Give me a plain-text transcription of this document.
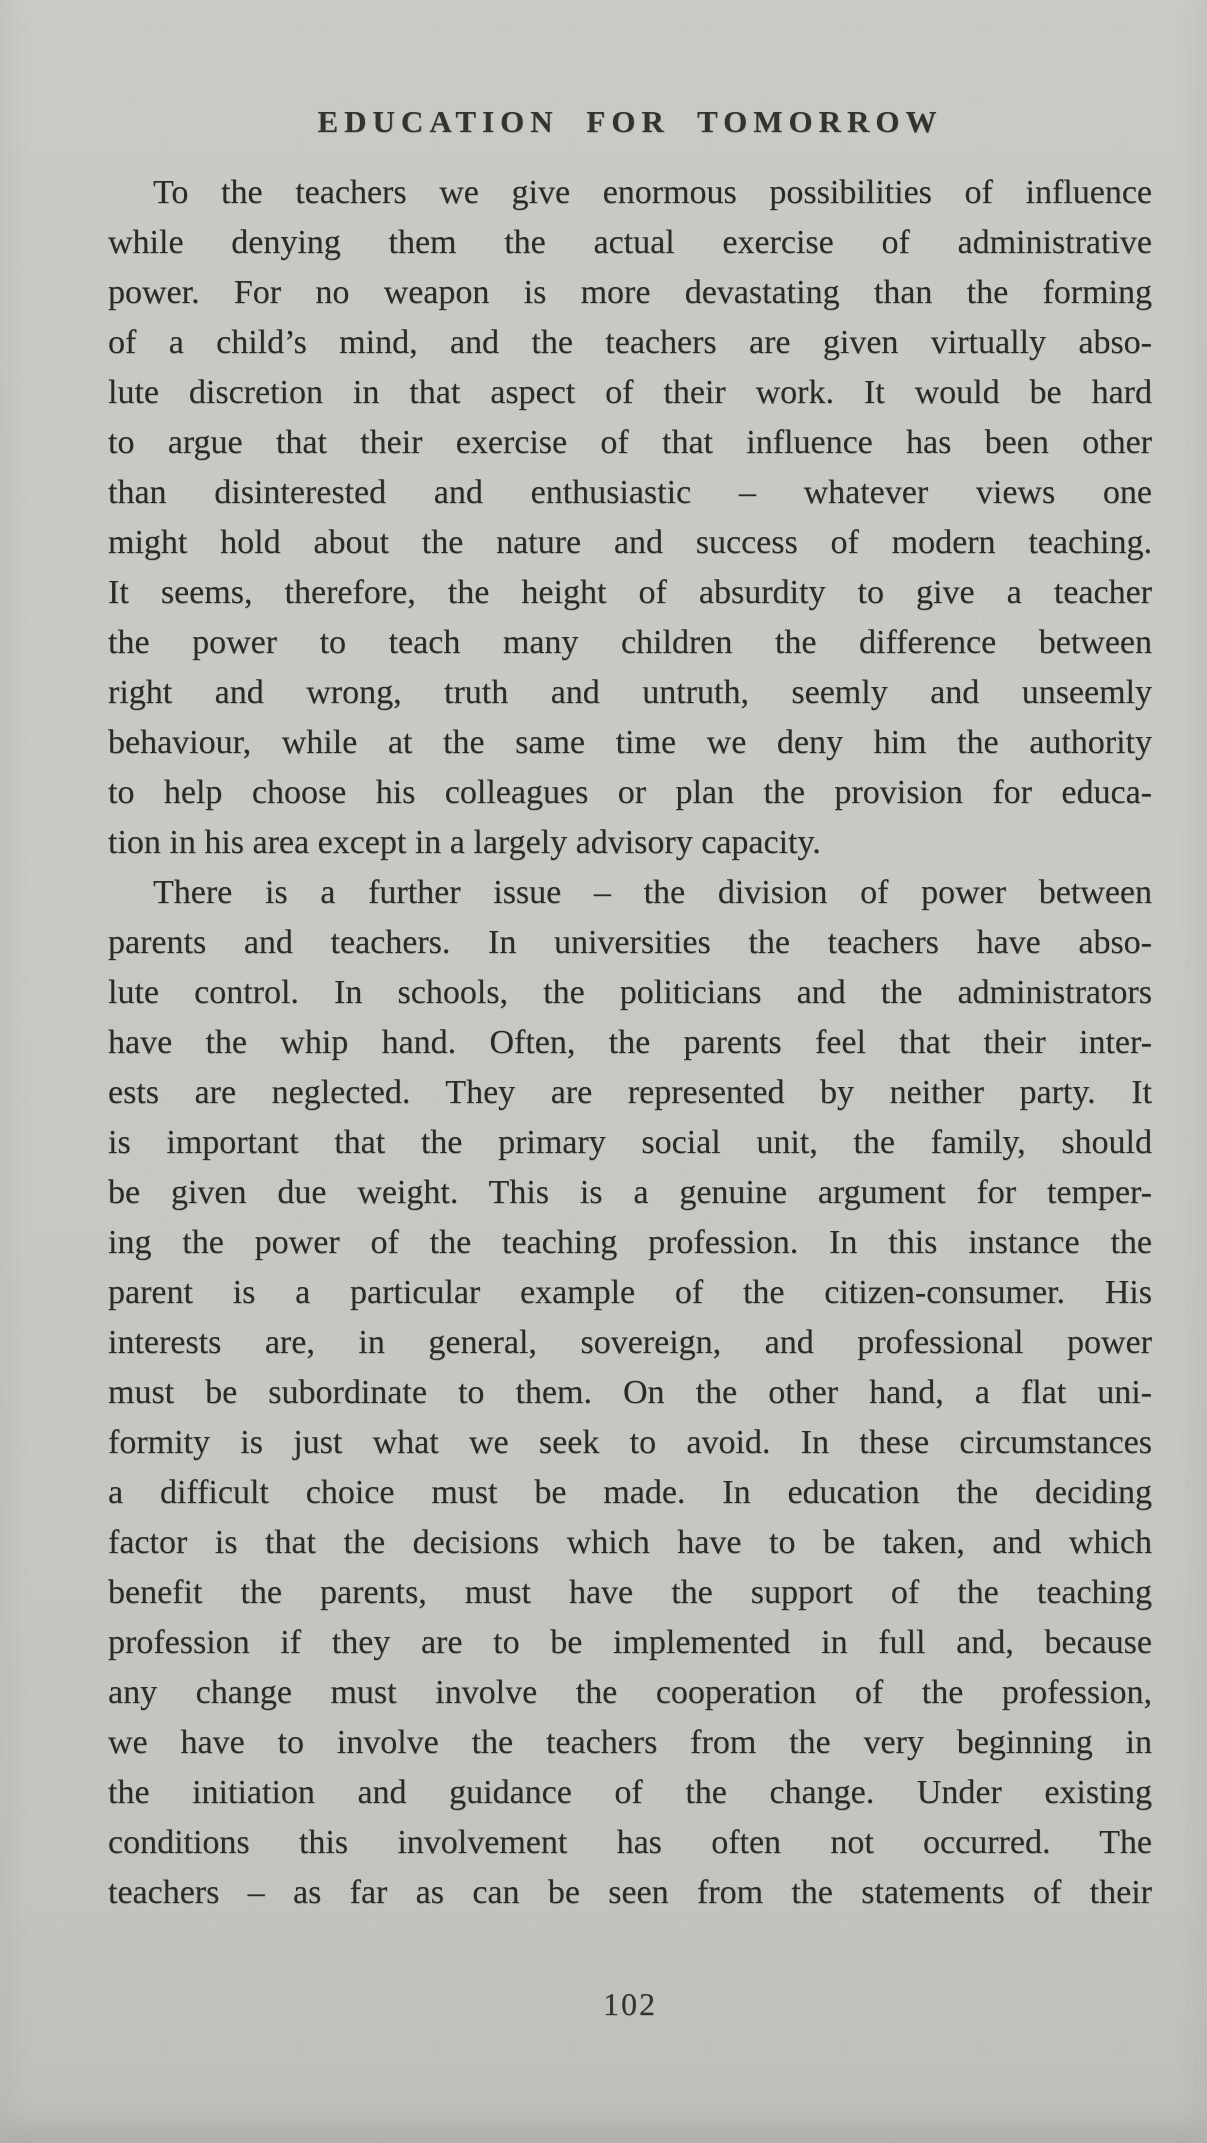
EDUCATION FOR TOMORROW
To the teachers we give enormous possibilities of influence
while denying them the actual exercise of administrative
power. For no weapon is more devastating than the forming
of a child’s mind, and the teachers are given virtually abso-
lute discretion in that aspect of their work. It would be hard
to argue that their exercise of that influence has been other
than disinterested and enthusiastic – whatever views one
might hold about the nature and success of modern teaching.
It seems, therefore, the height of absurdity to give a teacher
the power to teach many children the difference between
right and wrong, truth and untruth, seemly and unseemly
behaviour, while at the same time we deny him the authority
to help choose his colleagues or plan the provision for educa-
tion in his area except in a largely advisory capacity.
There is a further issue – the division of power between
parents and teachers. In universities the teachers have abso-
lute control. In schools, the politicians and the administrators
have the whip hand. Often, the parents feel that their inter-
ests are neglected. They are represented by neither party. It
is important that the primary social unit, the family, should
be given due weight. This is a genuine argument for temper-
ing the power of the teaching profession. In this instance the
parent is a particular example of the citizen-consumer. His
interests are, in general, sovereign, and professional power
must be subordinate to them. On the other hand, a flat uni-
formity is just what we seek to avoid. In these circumstances
a difficult choice must be made. In education the deciding
factor is that the decisions which have to be taken, and which
benefit the parents, must have the support of the teaching
profession if they are to be implemented in full and, because
any change must involve the cooperation of the profession,
we have to involve the teachers from the very beginning in
the initiation and guidance of the change. Under existing
conditions this involvement has often not occurred. The
teachers – as far as can be seen from the statements of their
102
